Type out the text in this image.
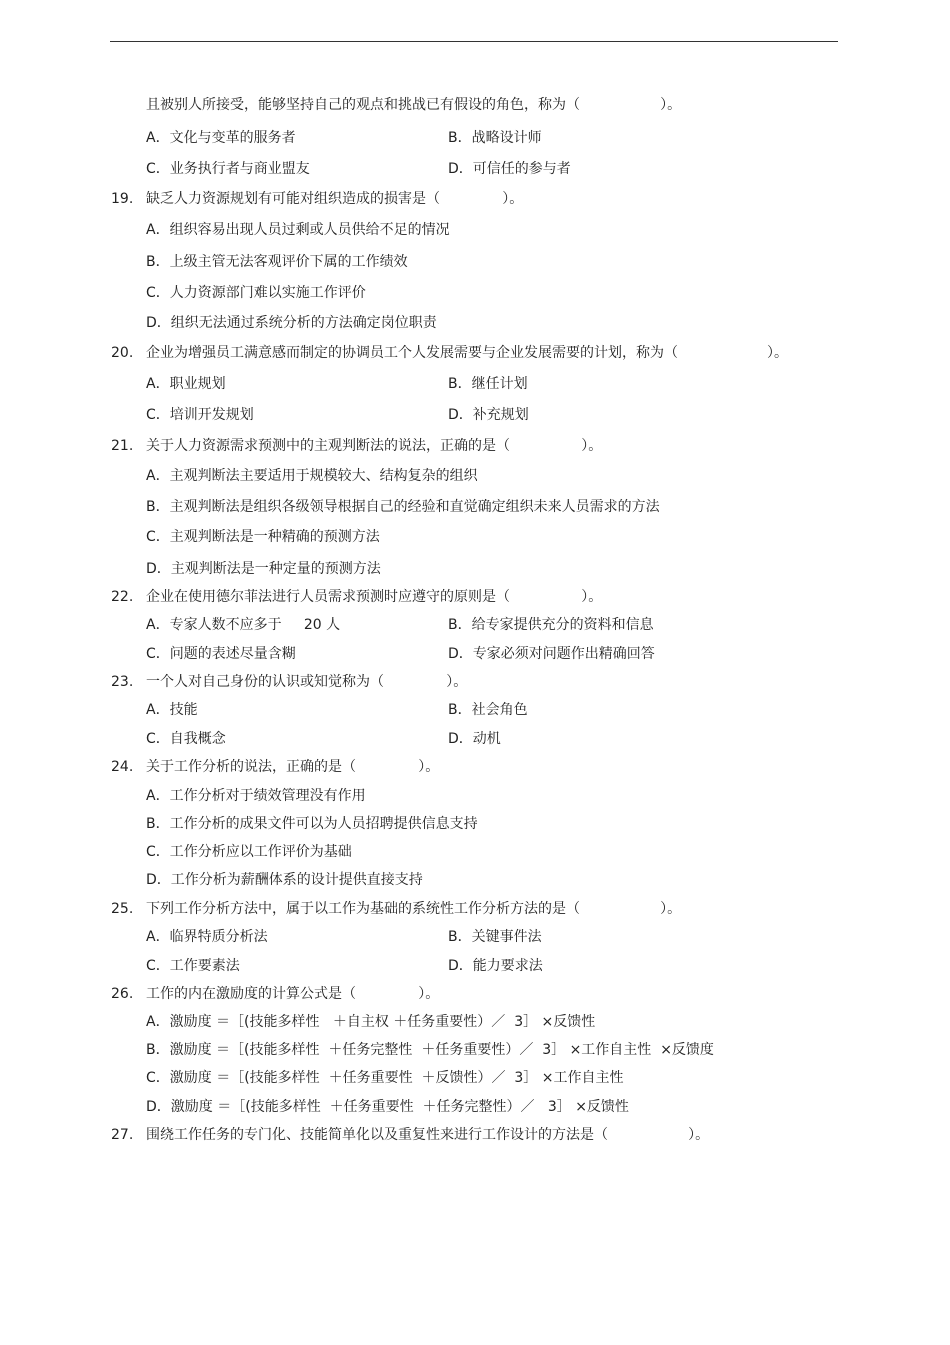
且被别人所接受，能够坚持自己的观点和挑战已有假设的角色，称为（                  ）。
A．文化与变革的服务者	B．战略设计师
C．业务执行者与商业盟友	D．可信任的参与者
19. 缺乏人力资源规划有可能对组织造成的损害是（              ）。
A．组织容易出现人员过剩或人员供给不足的情况
B．上级主管无法客观评价下属的工作绩效
C．人力资源部门难以实施工作评价
D．组织无法通过系统分析的方法确定岗位职责
20. 企业为增强员工满意感而制定的协调员工个人发展需要与企业发展需要的计划，称为（                    ）。
A．职业规划	B．继任计划
C．培训开发规划	D．补充规划
21. 关于人力资源需求预测中的主观判断法的说法，正确的是（                ）。
A．主观判断法主要适用于规模较大、结构复杂的组织
B．主观判断法是组织各级领导根据自己的经验和直觉确定组织未来人员需求的方法
C．主观判断法是一种精确的预测方法
D．主观判断法是一种定量的预测方法
22. 企业在使用德尔菲法进行人员需求预测时应遵守的原则是（                ）。
A．专家人数不应多于     20 人	B．给专家提供充分的资料和信息
C．问题的表述尽量含糊	D．专家必须对问题作出精确回答
23. 一个人对自己身份的认识或知觉称为（              ）。
A．技能	B．社会角色
C．自我概念	D．动机
24. 关于工作分析的说法，正确的是（              ）。
A．工作分析对于绩效管理没有作用
B．工作分析的成果文件可以为人员招聘提供信息支持
C．工作分析应以工作评价为基础
D．工作分析为薪酬体系的设计提供直接支持
25. 下列工作分析方法中，属于以工作为基础的系统性工作分析方法的是（                  ）。
A．临界特质分析法	B．关键事件法
C．工作要素法	D．能力要求法
26. 工作的内在激励度的计算公式是（              ）。
A．激励度 ＝［(技能多样性   ＋自主权 ＋任务重要性）／  3］ ×反馈性
B．激励度 ＝［(技能多样性  ＋任务完整性  ＋任务重要性）／  3］ ×工作自主性  ×反馈度
C．激励度 ＝［(技能多样性  ＋任务重要性  ＋反馈性）／  3］ ×工作自主性
D．激励度 ＝［(技能多样性  ＋任务重要性  ＋任务完整性）／   3］ ×反馈性
27. 围绕工作任务的专门化、技能简单化以及重复性来进行工作设计的方法是（                  ）。
